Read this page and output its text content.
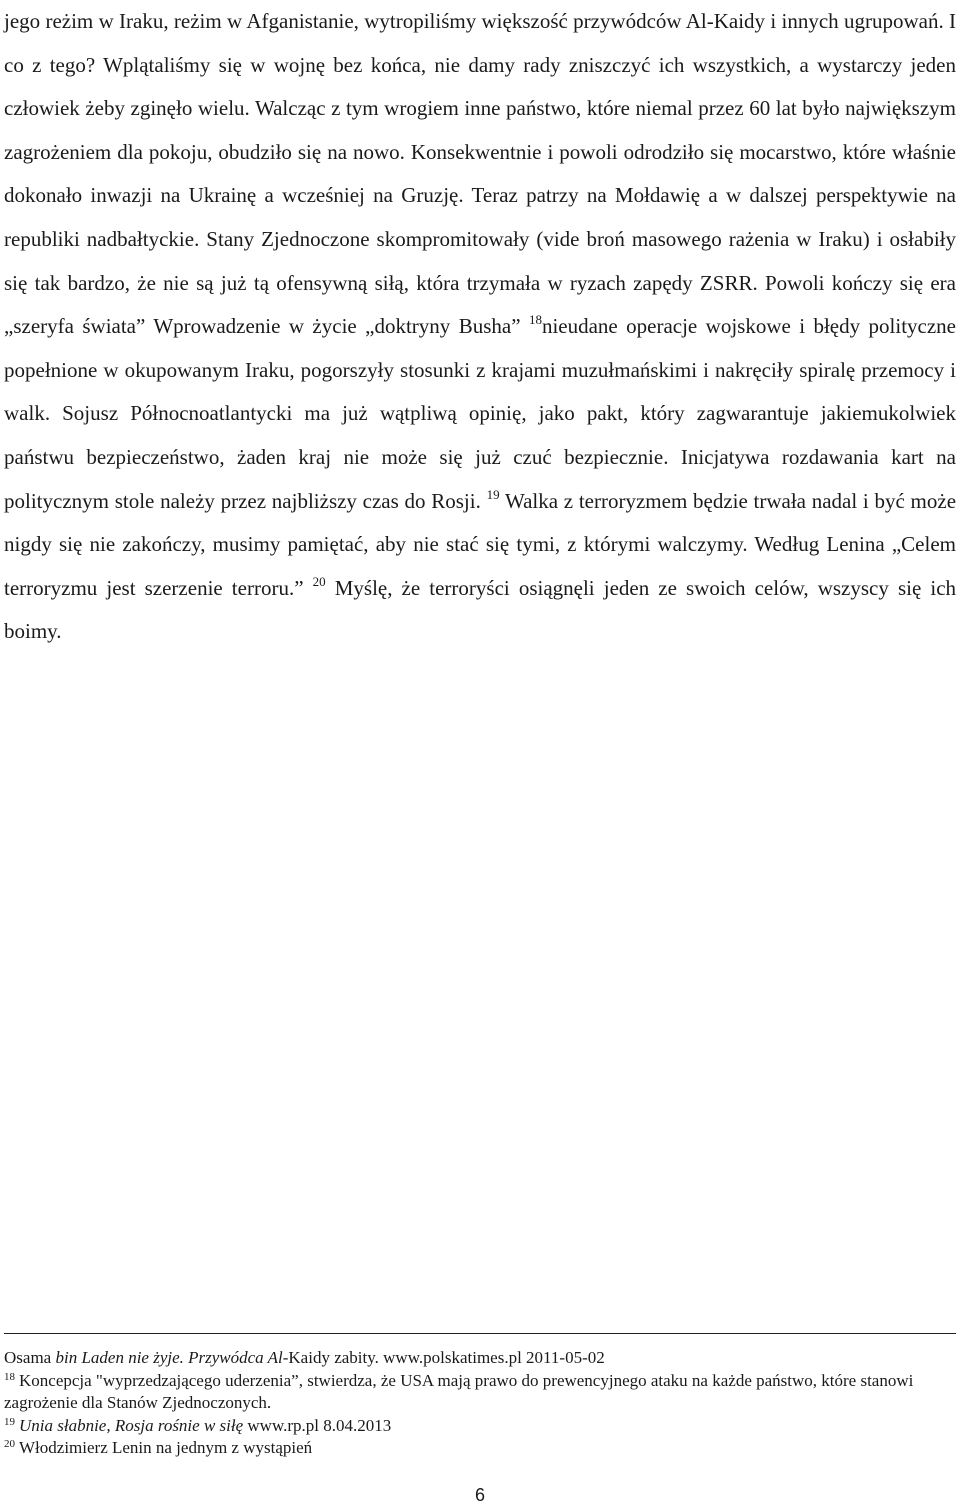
jego reżim w Iraku, reżim w Afganistanie, wytropiliśmy większość przywódców Al-Kaidy i innych ugrupowań. I co z tego? Wplątaliśmy się w wojnę bez końca, nie damy rady zniszczyć ich wszystkich, a wystarczy jeden człowiek żeby zginęło wielu. Walcząc z tym wrogiem inne państwo, które niemal przez 60 lat było największym zagrożeniem dla pokoju, obudziło się na nowo. Konsekwentnie i powoli odrodziło się mocarstwo, które właśnie dokonało inwazji na Ukrainę a wcześniej na Gruzję. Teraz patrzy na Mołdawię a w dalszej perspektywie na republiki nadbałtyckie. Stany Zjednoczone skompromitowały (vide broń masowego rażenia w Iraku) i osłabiły się tak bardzo, że nie są już tą ofensywną siłą, która trzymała w ryzach zapędy ZSRR. Powoli kończy się era „szeryfa świata” Wprowadzenie w życie „doktryny Busha” $^{18}$nieudane operacje wojskowe i błędy polityczne popełnione w okupowanym Iraku, pogorszyły stosunki z krajami muzułmańskimi i nakręciły spiralę przemocy i walk. Sojusz Północnoatlantycki ma już wątpliwą opinię, jako pakt, który zagwarantuje jakiemukolwiek państwu bezpieczeństwo, żaden kraj nie może się już czuć bezpiecznie. Inicjatywa rozdawania kart na politycznym stole należy przez najbliższy czas do Rosji. $^{19}$ Walka z terroryzmem będzie trwała nadal i być może nigdy się nie zakończy, musimy pamiętać, aby nie stać się tymi, z którymi walczymy. Według Lenina „Celem terroryzmu jest szerzenie terroru.” $^{20}$ Myślę, że terroryści osiągnęli jeden ze swoich celów, wszyscy się ich boimy.

Osama bin Laden nie żyje. Przywódca Al-Kaidy zabity. www.polskatimes.pl 2011-05-02

$^{18}$ Koncepcja "wyprzedzającego uderzenia”, stwierdza, że USA mają prawo do prewencyjnego ataku na każde państwo, które stanowi zagrożenie dla Stanów Zjednoczonych.

$^{19}$ Unia słabnie, Rosja rośnie w siłę www.rp.pl 8.04.2013

$^{20}$ Włodzimierz Lenin na jednym z wystąpień

6
